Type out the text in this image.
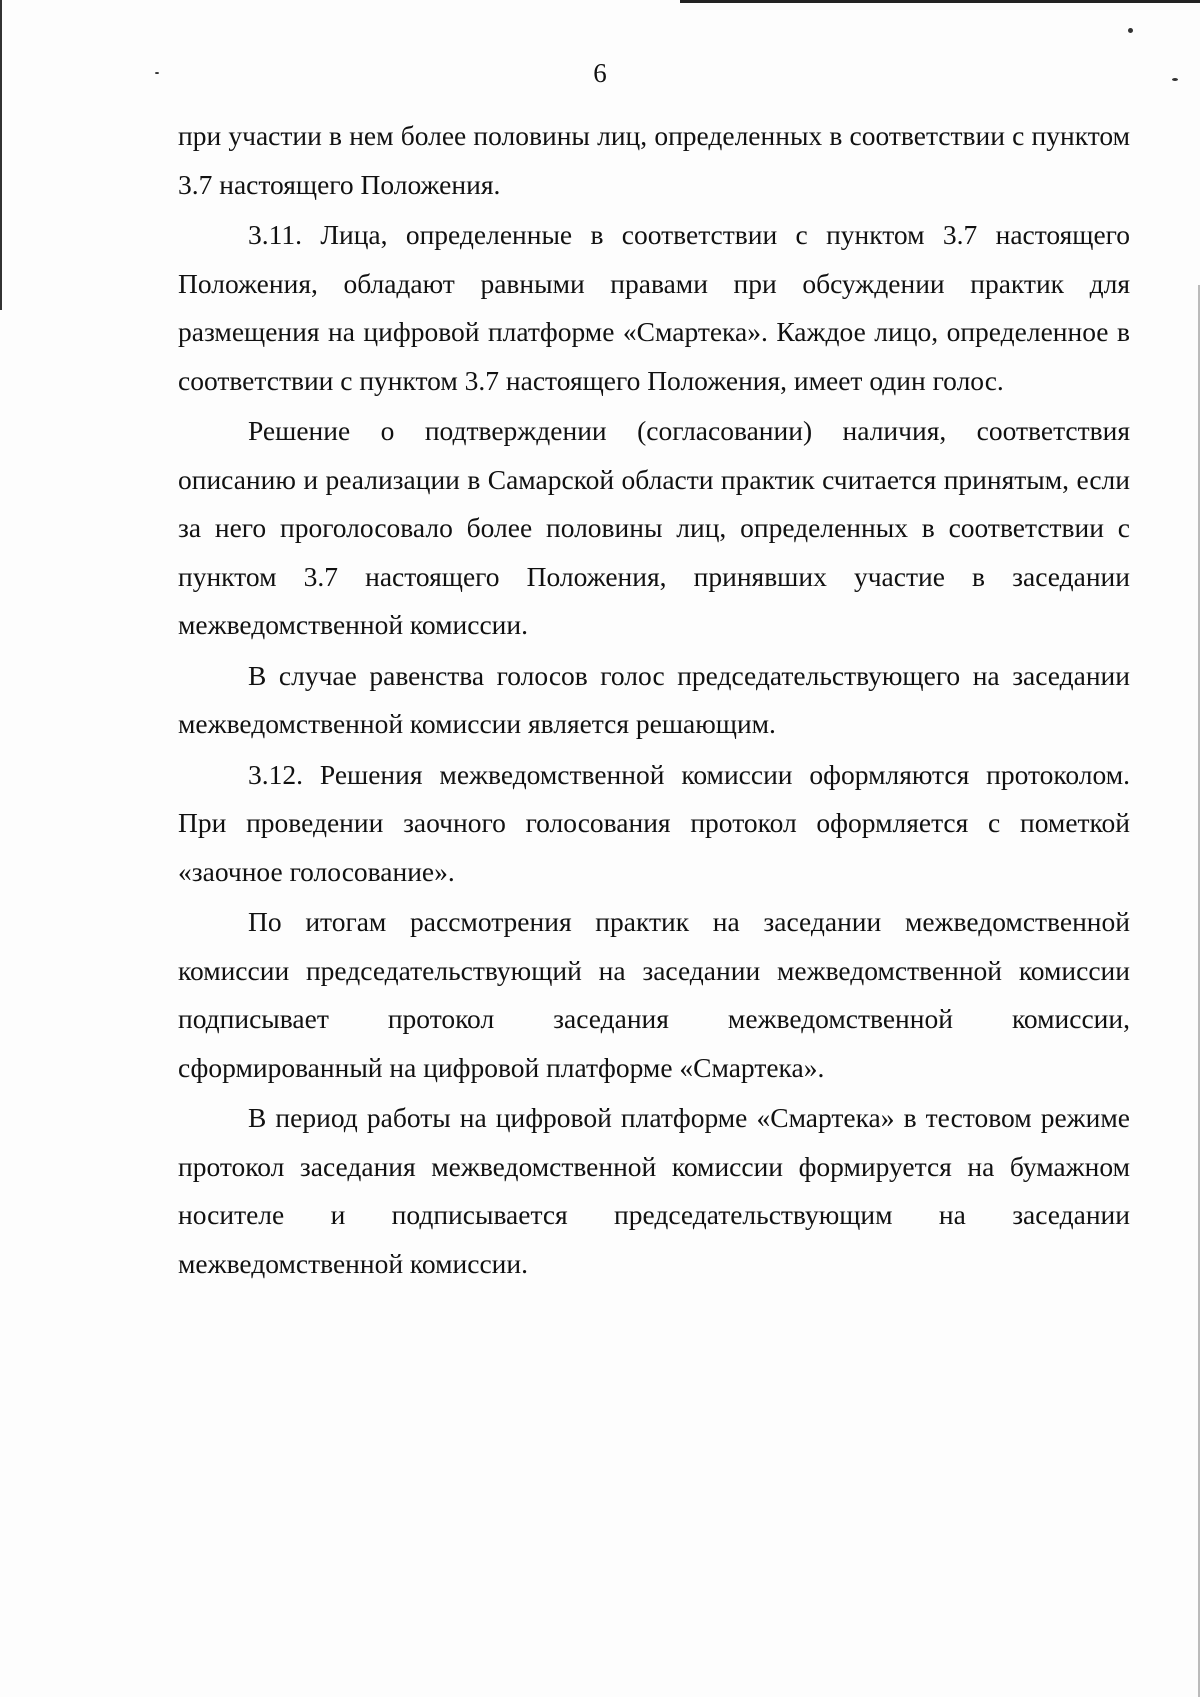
6

при участии в нем более половины лиц, определенных в соответствии с пунктом 3.7 настоящего Положения.

3.11. Лица, определенные в соответствии с пунктом 3.7 настоящего Положения, обладают равными правами при обсуждении практик для размещения на цифровой платформе «Смартека». Каждое лицо, определенное в соответствии с пунктом 3.7 настоящего Положения, имеет один голос.

Решение о подтверждении (согласовании) наличия, соответствия описанию и реализации в Самарской области практик считается принятым, если за него проголосовало более половины лиц, определенных в соответствии с пунктом 3.7 настоящего Положения, принявших участие в заседании межведомственной комиссии.

В случае равенства голосов голос председательствующего на заседании межведомственной комиссии является решающим.

3.12. Решения межведомственной комиссии оформляются протоколом. При проведении заочного голосования протокол оформляется с пометкой «заочное голосование».

По итогам рассмотрения практик на заседании межведомственной комиссии председательствующий на заседании межведомственной комиссии подписывает протокол заседания межведомственной комиссии, сформированный на цифровой платформе «Смартека».

В период работы на цифровой платформе «Смартека» в тестовом режиме протокол заседания межведомственной комиссии формируется на бумажном носителе и подписывается председательствующим на заседании межведомственной комиссии.
